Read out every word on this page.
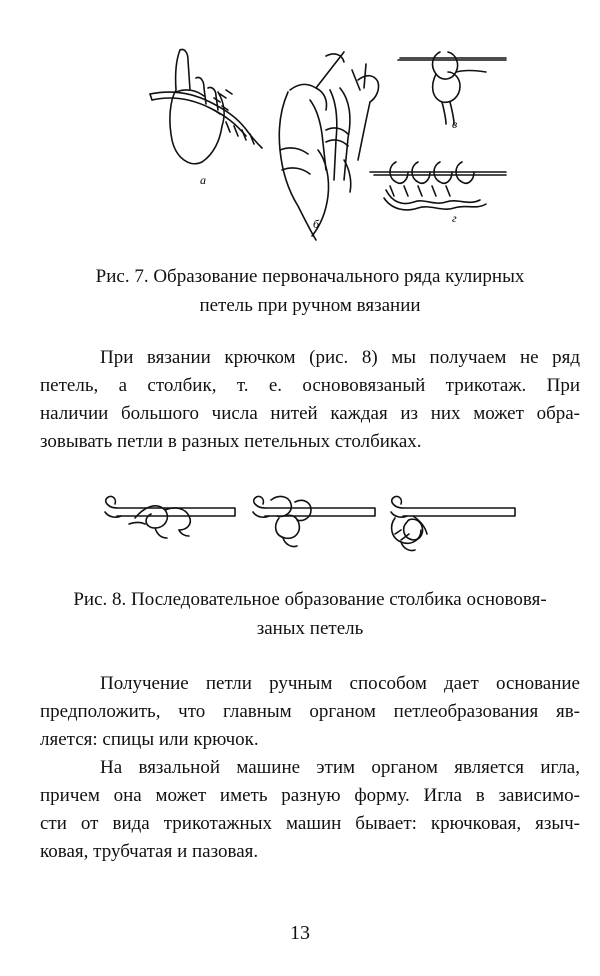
а
б
в
г
Рис. 7. Образование первоначального ряда кулирных
петель при ручном вязании

При вязании крючком (рис. 8) мы получаем не ряд
петель, а столбик, т. е. основовязаный трикотаж. При
наличии большого числа нитей каждая из них может обра-
зовывать петли в разных петельных столбиках.

Рис. 8. Последовательное образование столбика основовя-
заных петель

Получение петли ручным способом дает основание
предположить, что главным органом петлеобразования яв-
ляется: спицы или крючок.

На вязальной машине этим органом является игла,
причем она может иметь разную форму. Игла в зависимо-
сти от вида трикотажных машин бывает: крючковая, языч-
ковая, трубчатая и пазовая.

13
